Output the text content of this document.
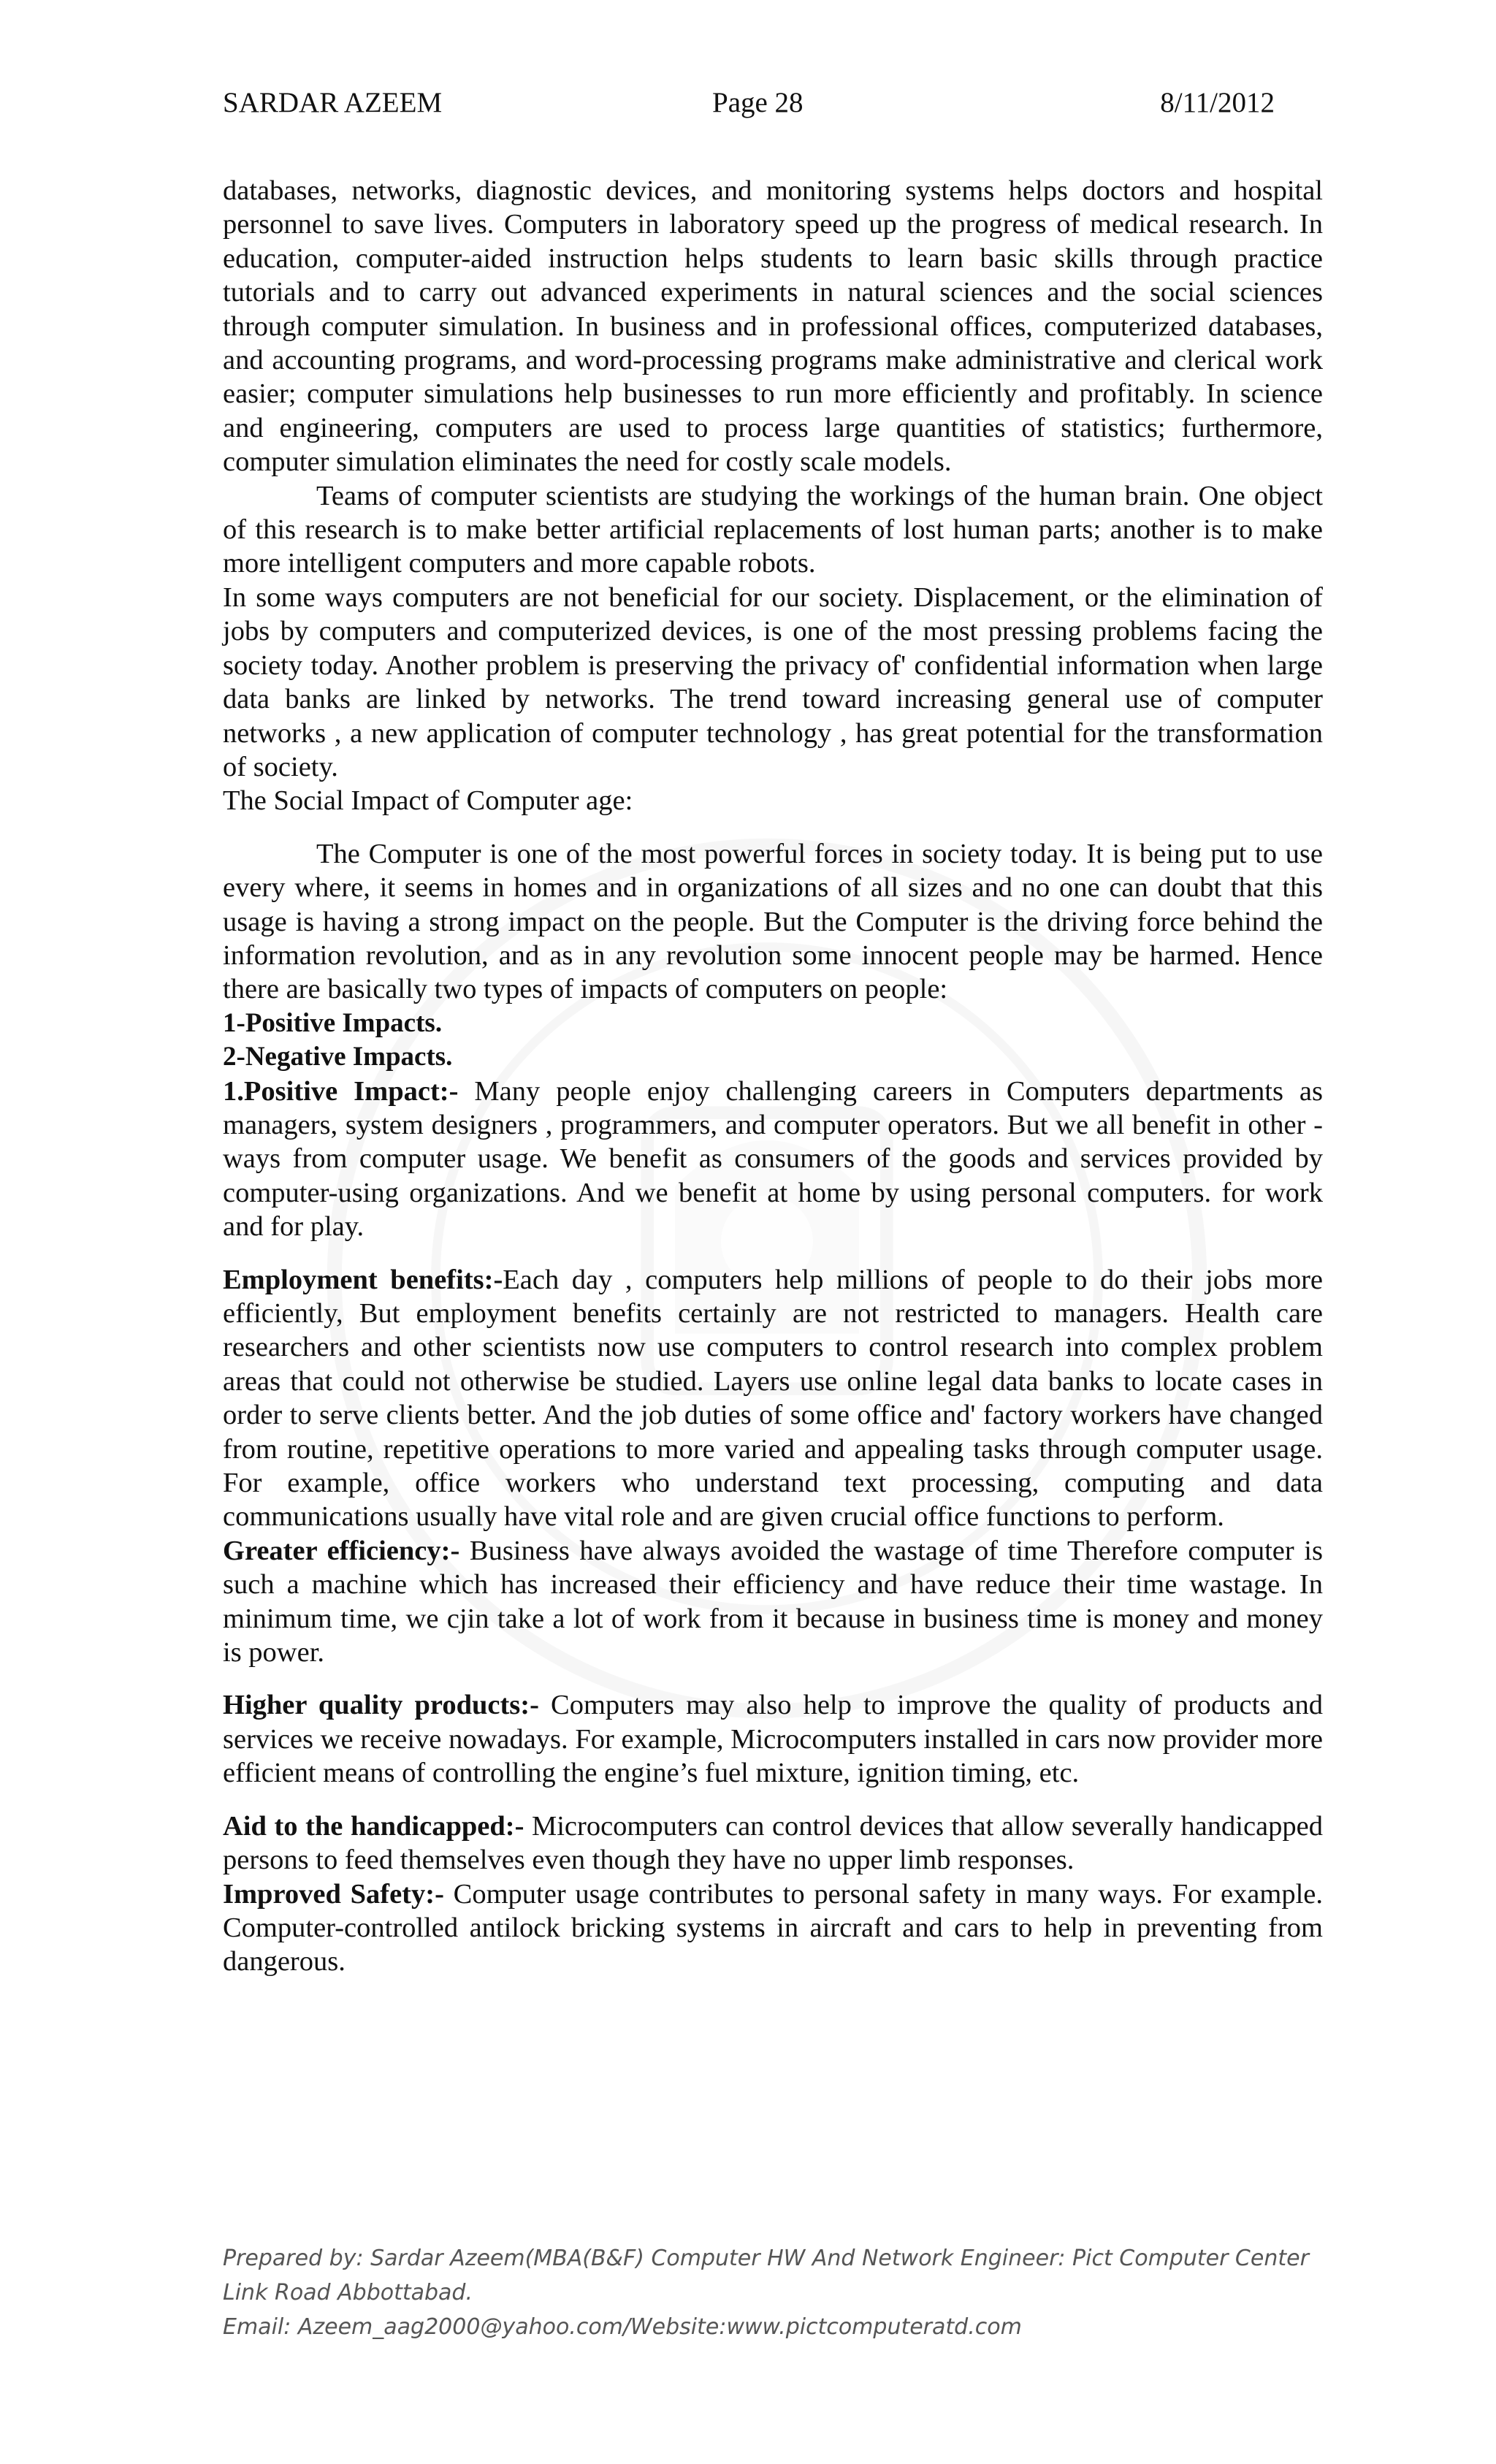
SARDAR AZEEM	Page 28	8/11/2012

databases, networks, diagnostic devices, and monitoring systems helps doctors and hospital personnel to save lives. Computers in laboratory speed up the progress of medical research. In education, computer-aided instruction helps students to learn basic skills through practice tutorials and to carry out advanced experiments in natural sciences and the social sciences through computer simulation. In business and in professional offices, computerized databases, and accounting programs, and word-processing programs make administrative and clerical work easier; computer simulations help businesses to run more efficiently and profitably. In science and engineering, computers are used to process large quantities of statistics; furthermore, computer simulation eliminates the need for costly scale models.

Teams of computer scientists are studying the workings of the human brain. One object of this research is to make better artificial replacements of lost human parts; another is to make more intelligent computers and more capable robots.

In some ways computers are not beneficial for our society. Displacement, or the elimination of jobs by computers and computerized devices, is one of the most pressing problems facing the society today. Another problem is preserving the privacy of' confidential information when large data banks are linked by networks. The trend toward increasing general use of computer networks , a new application of computer technology , has great potential for the transformation of society.

The Social Impact of Computer age:

The Computer is one of the most powerful forces in society today. It is being put to use every where, it seems in homes and in organizations of all sizes and no one can doubt that this usage is having a strong impact on the people. But the Computer is the driving force behind the information revolution, and as in any revolution some innocent people may be harmed. Hence there are basically two types of impacts of computers on people:

1-Positive Impacts.

2-Negative Impacts.

1.Positive Impact:- Many people enjoy challenging careers in Computers departments as managers, system designers , programmers, and computer operators. But we all benefit in other -ways from computer usage. We benefit as consumers of the goods and services provided by computer-using organizations. And we benefit at home by using personal computers. for work and for play.

Employment benefits:-Each day , computers help millions of people to do their jobs more efficiently, But employment benefits certainly are not restricted to managers. Health care researchers and other scientists now use computers to control research into complex problem areas that could not otherwise be studied. Layers use online legal data banks to locate cases in order to serve clients better. And the job duties of some office and' factory workers have changed from routine, repetitive operations to more varied and appealing tasks through computer usage. For example, office workers who understand text processing, computing and data communications usually have vital role and are given crucial office functions to perform.

Greater efficiency:- Business have always avoided the wastage of time Therefore computer is such a machine which has increased their efficiency and have reduce their time wastage. In minimum time, we cjin take a lot of work from it because in business time is money and money is power.

Higher quality products:- Computers may also help to improve the quality of products and services we receive nowadays. For example, Microcomputers installed in cars now provider more efficient means of controlling the engine’s fuel mixture, ignition timing, etc.

Aid to the handicapped:- Microcomputers can control devices that allow severally handicapped persons to feed themselves even though they have no upper limb responses.

Improved Safety:- Computer usage contributes to personal safety in many ways. For example. Computer-controlled antilock bricking systems in aircraft and cars to help in preventing from dangerous.

Prepared by: Sardar Azeem(MBA(B&F) Computer HW And Network Engineer: Pict Computer Center Link Road Abbottabad.

Email: Azeem_aag2000@yahoo.com/Website:www.pictcomputeratd.com
